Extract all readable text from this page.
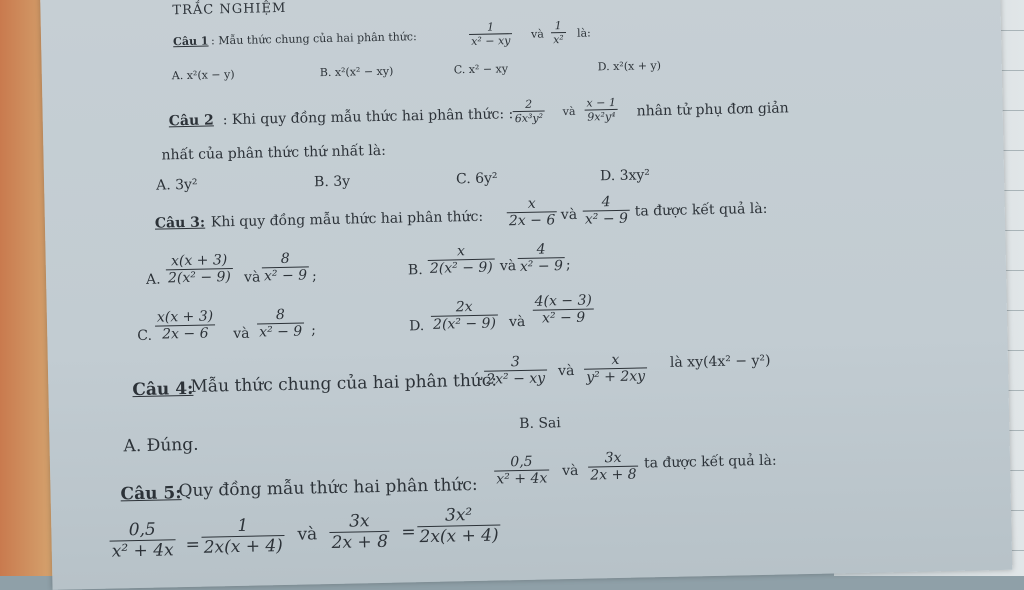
TRẮC NGHIỆM
Câu 1 : Mẫu thức chung của hai phân thức:	$\frac{1}{\text{x² − xy}}$ và $\frac{1}{\text{x²}}$ là:
A. x²(x − y)	B. x²(x² − xy)	C. x² − xy	D. x²(x + y)
Câu 2 : Khi quy đồng mẫu thức hai phân thức: :
$\frac{2}{\text{6x³y²}}$ và $\frac{x - 1}{\text{9x²y⁴}}$ nhân tử phụ đơn giản
nhất của phân thức thứ nhất là:
A. 3y²	B. 3y	C. 6y²	D. 3xy²
Câu 3: Khi quy đồng mẫu thức hai phân thức: $\frac{x}{2x - 6}$ và $\frac{4}{\text{x² − 9}}$ ta được kết quả là:
A. $\frac{x(x + 3)}{\text{2(x² − 9)}}$ và $\frac{8}{\text{x² − 9}}$ ;	B. $\frac{x}{\text{2(x² − 9)}}$ và $\frac{4}{\text{x² − 9}}$ ;
C. $\frac{x(x + 3)}{2x - 6}$ và $\frac{8}{\text{x² − 9}}$ ;	D. $\frac{2x}{\text{2(x² − 9)}}$ và $\frac{4(x - 3)}{\text{x² − 9}}$
Câu 4:
Mẫu thức chung của hai phân thức:
$\frac{3}{\text{2x² − xy}}$ và $\frac{x}{\text{y² + 2xy}}$ là xy(4x² − y²)
A. Đúng.
B. Sai
Câu 5:
Quy đồng mẫu thức hai phân thức:
$\frac{0,5}{\text{x² + 4x}}$ và $\frac{3x}{2x + 8}$ ta được kết quả là:
$\frac{0,5}{\text{x² + 4x}} = \frac{1}{2x(x + 4)}$ và $\frac{3x}{2x + 8} = \frac{\text{3x²}}{2x(x + 4)}$
